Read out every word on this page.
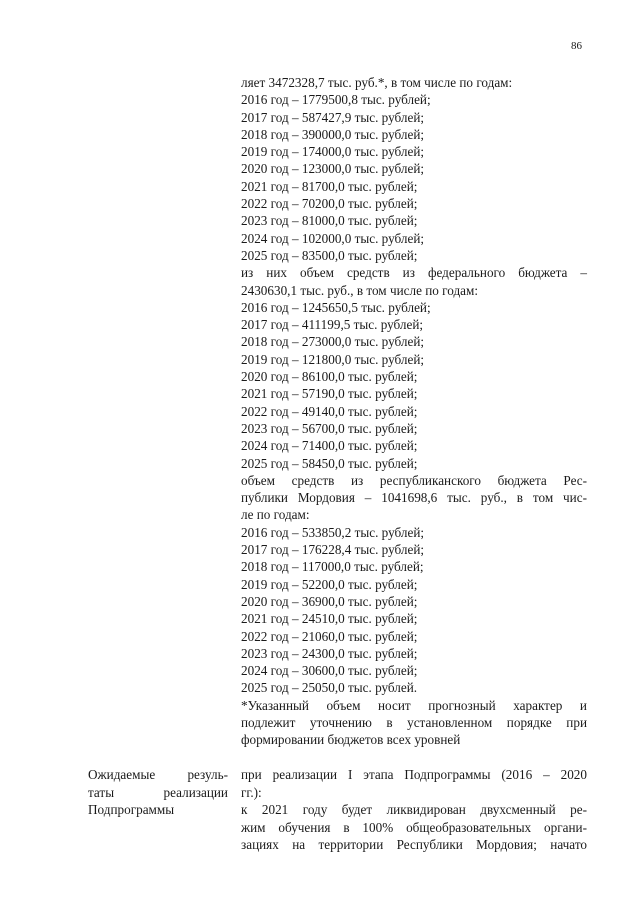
86
ляет 3472328,7 тыс. руб.*, в том числе по годам:
2016 год – 1779500,8 тыс. рублей;
2017 год – 587427,9 тыс. рублей;
2018 год – 390000,0 тыс. рублей;
2019 год – 174000,0 тыс. рублей;
2020 год – 123000,0 тыс. рублей;
2021 год – 81700,0 тыс. рублей;
2022 год – 70200,0 тыс. рублей;
2023 год – 81000,0 тыс. рублей;
2024 год – 102000,0 тыс. рублей;
2025 год – 83500,0 тыс. рублей;
из них объем средств из федерального бюджета –
2430630,1 тыс. руб., в том числе по годам:
2016 год – 1245650,5 тыс. рублей;
2017 год – 411199,5 тыс. рублей;
2018 год – 273000,0 тыс. рублей;
2019 год – 121800,0 тыс. рублей;
2020 год – 86100,0 тыс. рублей;
2021 год – 57190,0 тыс. рублей;
2022 год – 49140,0 тыс. рублей;
2023 год – 56700,0 тыс. рублей;
2024 год – 71400,0 тыс. рублей;
2025 год – 58450,0 тыс. рублей;
объем средств из республиканского бюджета Рес-
публики Мордовия – 1041698,6 тыс. руб., в том чис-
ле по годам:
2016 год – 533850,2 тыс. рублей;
2017 год – 176228,4 тыс. рублей;
2018 год – 117000,0 тыс. рублей;
2019 год – 52200,0 тыс. рублей;
2020 год – 36900,0 тыс. рублей;
2021 год – 24510,0 тыс. рублей;
2022 год – 21060,0 тыс. рублей;
2023 год – 24300,0 тыс. рублей;
2024 год – 30600,0 тыс. рублей;
2025 год – 25050,0 тыс. рублей.
*Указанный объем носит прогнозный характер и
подлежит уточнению в установленном порядке при
формировании бюджетов всех уровней
Ожидаемые резуль-
таты реализации
Подпрограммы
при реализации I этапа Подпрограммы (2016 – 2020
гг.):
к 2021 году будет ликвидирован двухсменный ре-
жим обучения в 100% общеобразовательных органи-
зациях на территории Республики Мордовия; начато
